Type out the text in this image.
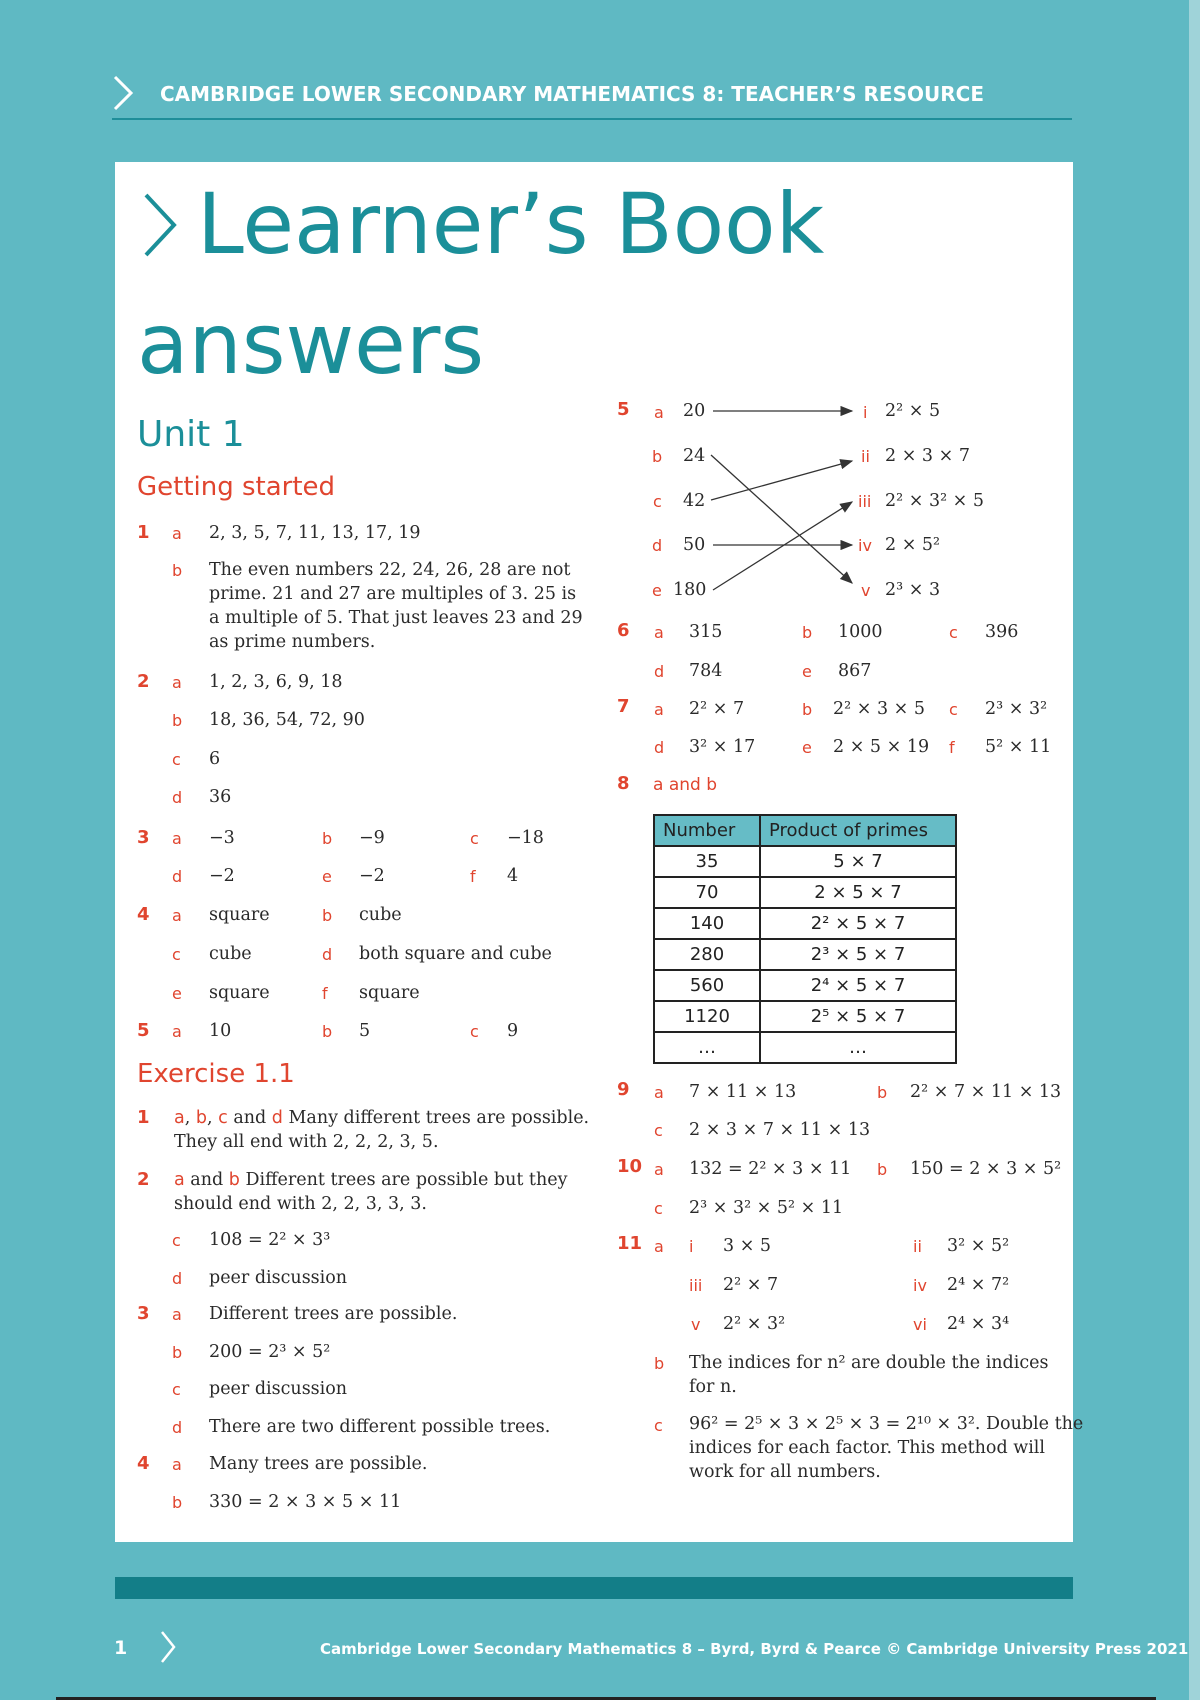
CAMBRIDGE LOWER SECONDARY MATHEMATICS 8: TEACHER’S RESOURCE
Learner’s Book
answers
Unit 1
Getting started
1 a 2, 3, 5, 7, 11, 13, 17, 19
b The even numbers 22, 24, 26, 28 are not
prime. 21 and 27 are multiples of 3. 25 is
a multiple of 5. That just leaves 23 and 29
as prime numbers.
2 a 1, 2, 3, 6, 9, 18
b 18, 36, 54, 72, 90
c 6
d 36
3 a −3	b −9	c −18
d −2	e −2	f 4
4 a square	b cube
c cube	d both square and cube
e square	f square
5 a 10	b 5	c 9
Exercise 1.1
1 a, b, c and d Many different trees are possible.
They all end with 2, 2, 2, 3, 5.
2 a and b Different trees are possible but they
should end with 2, 2, 3, 3, 3.
c 108 = 2² × 3³
d peer discussion
3 a Different trees are possible.
b 200 = 2³ × 5²
c peer discussion
d There are two different possible trees.
4 a Many trees are possible.
b 330 = 2 × 3 × 5 × 11
5 a 20
b 24
c 42
d 50
e 180
i 2² × 5
ii 2 × 3 × 7
iii 2² × 3² × 5
iv 2 × 5²
v 2³ × 3
6 a 315	b 1000	c 396
d 784	e 867
7 a 2² × 7	b 2² × 3 × 5 c 2³ × 3²
d 3² × 17	e 2 × 5 × 19 f 5² × 11
8 a and b
Number	Product of primes
35	5 × 7
70	2 × 5 × 7
140	2² × 5 × 7
280	2³ × 5 × 7
560	2⁴ × 5 × 7
1120	2⁵ × 5 × 7
…	…
9 a 7 × 11 × 13	b 2² × 7 × 11 × 13
c 2 × 3 × 7 × 11 × 13
10 a 132 = 2² × 3 × 11 b 150 = 2 × 3 × 5²
c 2³ × 3² × 5² × 11
11 a i 3 × 5	ii 3² × 5²
iii 2² × 7	iv 2⁴ × 7²
v 2² × 3²	vi 2⁴ × 3⁴
b The indices for n² are double the indices
for n.
c 96² = 2⁵ × 3 × 2⁵ × 3 = 2¹⁰ × 3². Double the
indices for each factor. This method will
work for all numbers.
1	Cambridge Lower Secondary Mathematics 8 – Byrd, Byrd & Pearce © Cambridge University Press 2021
